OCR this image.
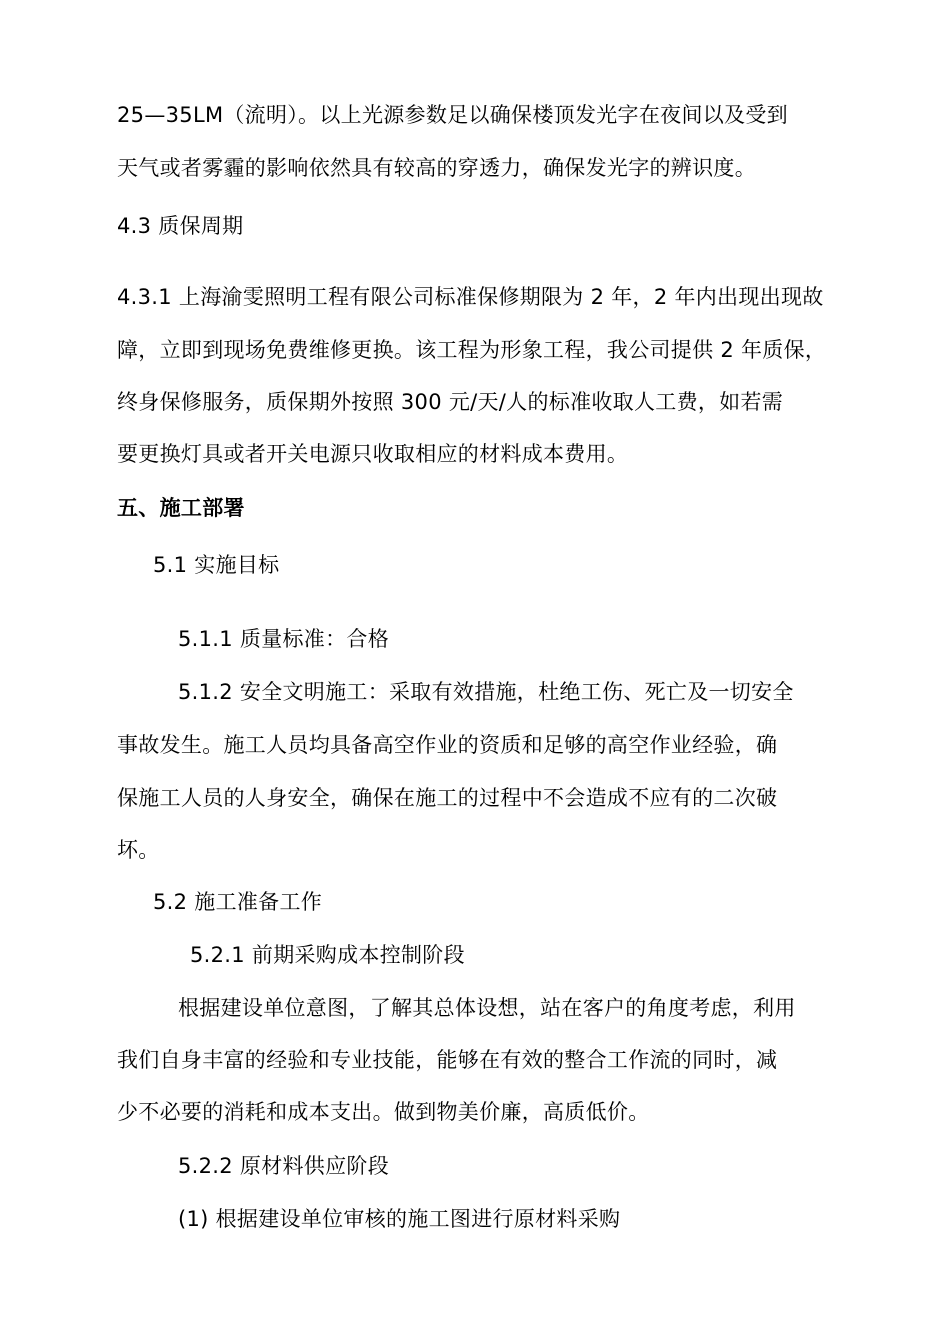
25—35LM（流明）。以上光源参数足以确保楼顶发光字在夜间以及受到
天气或者雾霾的影响依然具有较高的穿透力，确保发光字的辨识度。
4.3 质保周期
4.3.1 上海渝雯照明工程有限公司标准保修期限为 2 年，2 年内出现出现故
障，立即到现场免费维修更换。该工程为形象工程，我公司提供 2 年质保，
终身保修服务，质保期外按照 300 元/天/人的标准收取人工费，如若需
要更换灯具或者开关电源只收取相应的材料成本费用。
五、施工部署
5.1 实施目标
5.1.1 质量标准：合格
5.1.2 安全文明施工：采取有效措施，杜绝工伤、死亡及一切安全
事故发生。施工人员均具备高空作业的资质和足够的高空作业经验，确
保施工人员的人身安全，确保在施工的过程中不会造成不应有的二次破
坏。
5.2 施工准备工作
5.2.1 前期采购成本控制阶段
根据建设单位意图，了解其总体设想，站在客户的角度考虑，利用
我们自身丰富的经验和专业技能，能够在有效的整合工作流的同时，减
少不必要的消耗和成本支出。做到物美价廉，高质低价。
5.2.2 原材料供应阶段
(1) 根据建设单位审核的施工图进行原材料采购
